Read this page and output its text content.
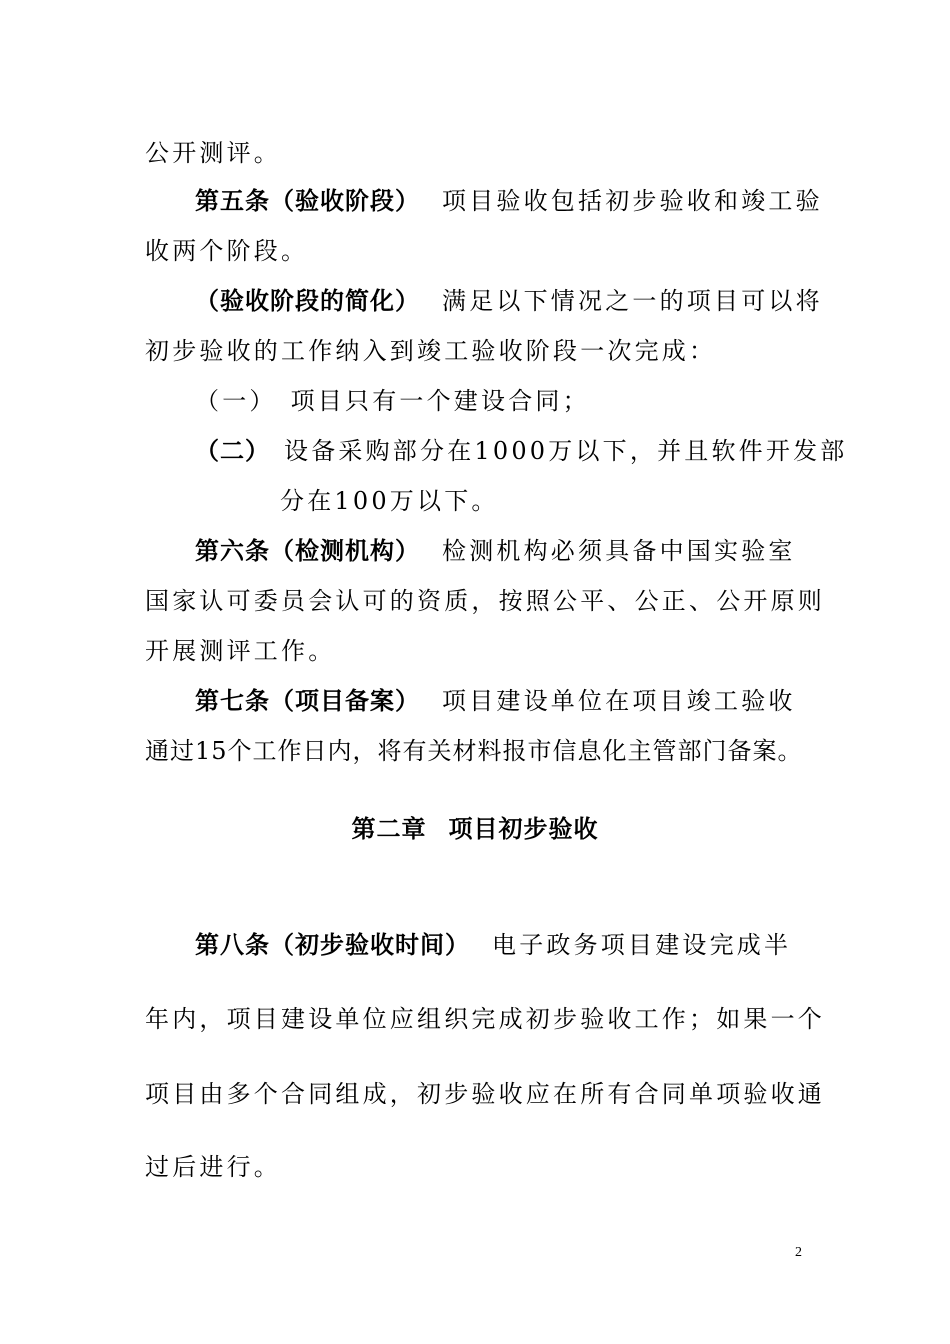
公开测评。
第五条（验收阶段） 项目验收包括初步验收和竣工验
收两个阶段。
（验收阶段的简化） 满足以下情况之一的项目可以将
初步验收的工作纳入到竣工验收阶段一次完成：
（一） 项目只有一个建设合同；
（二） 设备采购部分在1000万以下，并且软件开发部
分在100万以下。
第六条（检测机构） 检测机构必须具备中国实验室
国家认可委员会认可的资质，按照公平、公正、公开原则
开展测评工作。
第七条（项目备案） 项目建设单位在项目竣工验收
通过15个工作日内，将有关材料报市信息化主管部门备案。
第二章 项目初步验收
第八条（初步验收时间） 电子政务项目建设完成半
年内，项目建设单位应组织完成初步验收工作；如果一个
项目由多个合同组成，初步验收应在所有合同单项验收通
过后进行。
2
